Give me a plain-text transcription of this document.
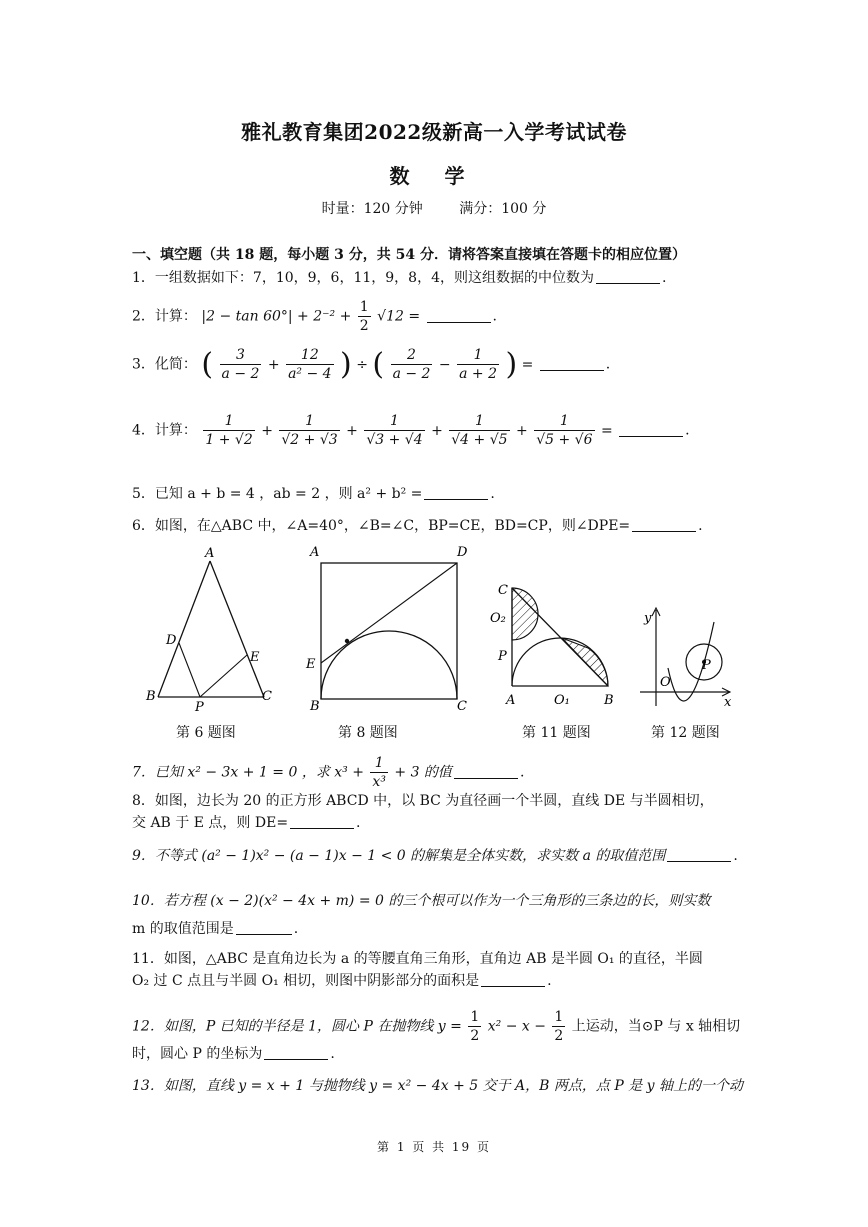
雅礼教育集团2022级新高一入学考试试卷
数 学
时量：120 分钟	满分：100 分
一、填空题（共 18 题，每小题 3 分，共 54 分．请将答案直接填在答题卡的相应位置）
1．一组数据如下：7，10，9，6，11，9，8，4，则这组数据的中位数为	.
2．计算： $|2 - \tan 60^\circ| + 2^{-2} + \frac{1}{2} √12$ =	.
3．化简： ( $\frac{3}{a - 2} + \frac{12}{\text{a² − 4}}$ ) ÷ ( $\frac{2}{a - 2} - \frac{1}{a + 2}$ ) =	.
4．计算： $\frac{1}{1 + √2} + \frac{1}{√2 + √3} + \frac{1}{√3 + √4} + \frac{1}{√4 + √5} + \frac{1}{√5 + √6}$ =	.
5．已知 a + b = 4 ，ab = 2 ，则 a² + b² =	.
6．如图，在△ABC 中，∠A=40°，∠B=∠C，BP=CE，BD=CP，则∠DPE=	.
A
D
E
B
P
C
第 6 题图
A	D
E
B	C
第 8 题图
C
O₂
P
A	O₁	B
第 11 题图
y
O
P
x
第 12 题图
7．已知 x² − 3x + 1 = 0 ，求 $x^3 + \frac{1}{\text{x³}} + 3$ 的值	.
8．如图，边长为 20 的正方形 ABCD 中，以 BC 为直径画一个半圆，直线 DE 与半圆相切，
交 AB 于 E 点，则 DE=	.
9．不等式 (a² − 1)x² − (a − 1)x − 1 < 0 的解集是全体实数，求实数 a 的取值范围	.
10．若方程 (x − 2)(x² − 4x + m) = 0 的三个根可以作为一个三角形的三条边的长，则实数
m 的取值范围是	.
11．如图，△ABC 是直角边长为 a 的等腰直角三角形，直角边 AB 是半圆 O₁ 的直径，半圆
O₂ 过 C 点且与半圆 O₁ 相切，则图中阴影部分的面积是	.
12．如图，P 已知的半径是 1，圆心 P 在抛物线 $y = \frac{1}{2} x^2 - x - \frac{1}{2}$ 上运动，当⊙P 与 x 轴相切
时，圆心 P 的坐标为	.
13．如图，直线 y = x + 1 与抛物线 y = x² − 4x + 5 交于 A，B 两点，点 P 是 y 轴上的一个动
第 1 页 共 19 页
